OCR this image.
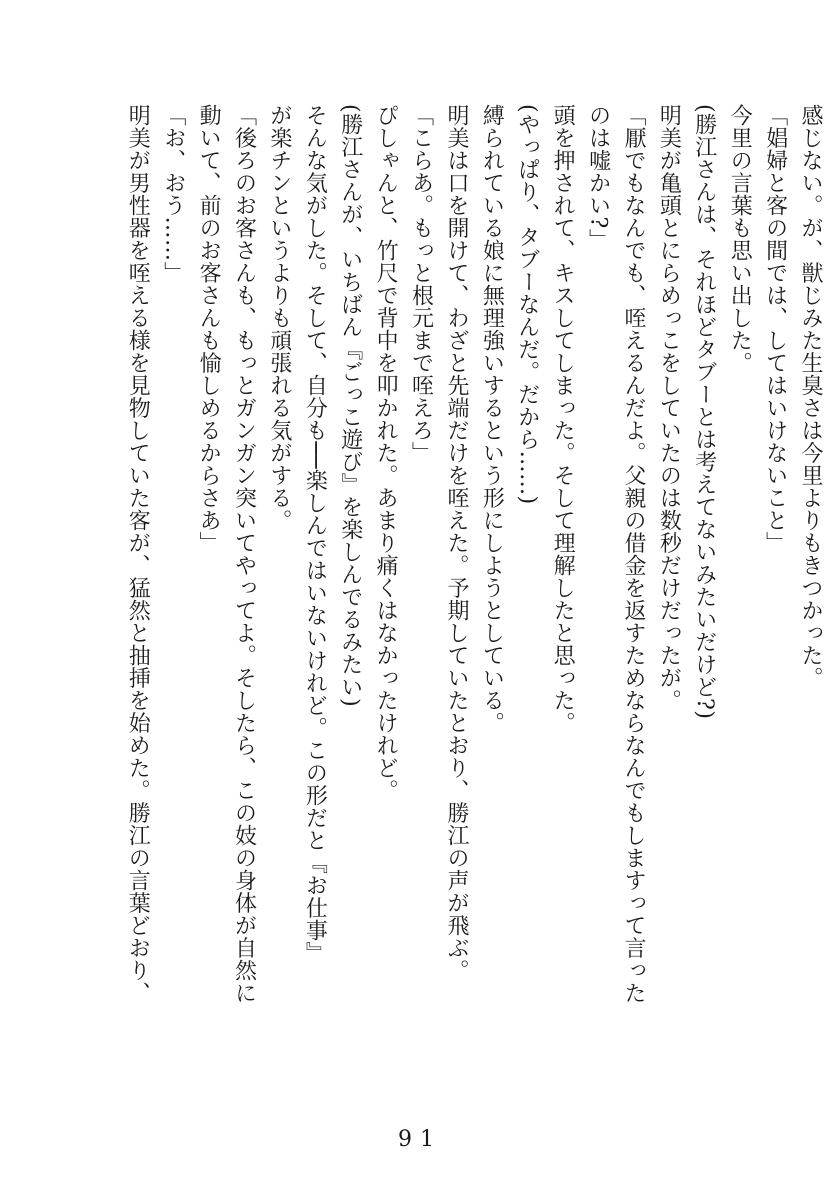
感じない。が、獣じみた生臭さは今里よりもきつかった。

「娼婦と客の間では、してはいけないこと」

今里の言葉も思い出した。

(勝江さんは、それほどタブーとは考えてないみたいだけど?)

明美が亀頭とにらめっこをしていたのは数秒だけだったが。

「厭でもなんでも、咥えるんだよ。父親の借金を返すためならなんでもしますって言った

のは嘘かい?」

頭を押されて、キスしてしまった。そして理解したと思った。

(やっぱり、タブーなんだ。だから……)

縛られている娘に無理強いするという形にしようとしている。

明美は口を開けて、わざと先端だけを咥えた。予期していたとおり、勝江の声が飛ぶ。

「こらあ。もっと根元まで咥えろ」

ぴしゃんと、竹尺で背中を叩かれた。あまり痛くはなかったけれど。

(勝江さんが、いちばん『ごっこ遊び』を楽しんでるみたい)

そんな気がした。そして、自分も──楽しんではいないけれど。この形だと『お仕事』

が楽チンというよりも頑張れる気がする。

「後ろのお客さんも、もっとガンガン突いてやってよ。そしたら、この妓の身体が自然に

動いて、前のお客さんも愉しめるからさあ」

「お、おう……」

明美が男性器を咥える様を見物していた客が、猛然と抽挿を始めた。勝江の言葉どおり、

91
